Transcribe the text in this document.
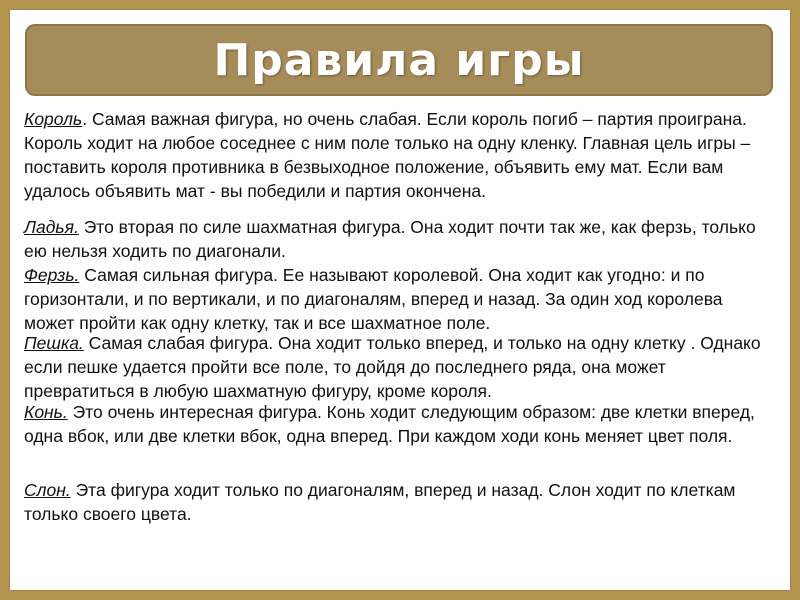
Правила игры
Король. Самая важная фигура, но очень слабая. Если король погиб – партия проиграна. Король ходит на любое соседнее с ним поле только на одну кленку. Главная цель игры – поставить короля противника в безвыходное положение, объявить ему мат. Если вам удалось объявить мат - вы победили и партия окончена.
Ладья. Это вторая по силе шахматная фигура. Она ходит почти так же, как ферзь, только ею нельзя ходить по диагонали.
Ферзь. Самая сильная фигура. Ее называют королевой. Она ходит как угодно: и по горизонтали, и по вертикали, и по диагоналям, вперед и назад. За один ход королева может пройти как одну клетку, так и все шахматное поле.
Пешка. Самая слабая фигура. Она ходит только вперед, и только на одну клетку . Однако если пешке удается пройти все поле, то дойдя до последнего ряда, она может превратиться в любую шахматную фигуру, кроме короля.
Конь. Это очень интересная фигура. Конь ходит следующим образом: две клетки вперед, одна вбок, или две клетки вбок, одна вперед. При каждом ходи конь меняет цвет поля.
Слон. Эта фигура ходит только по диагоналям, вперед и назад. Слон ходит по клеткам только своего цвета.
